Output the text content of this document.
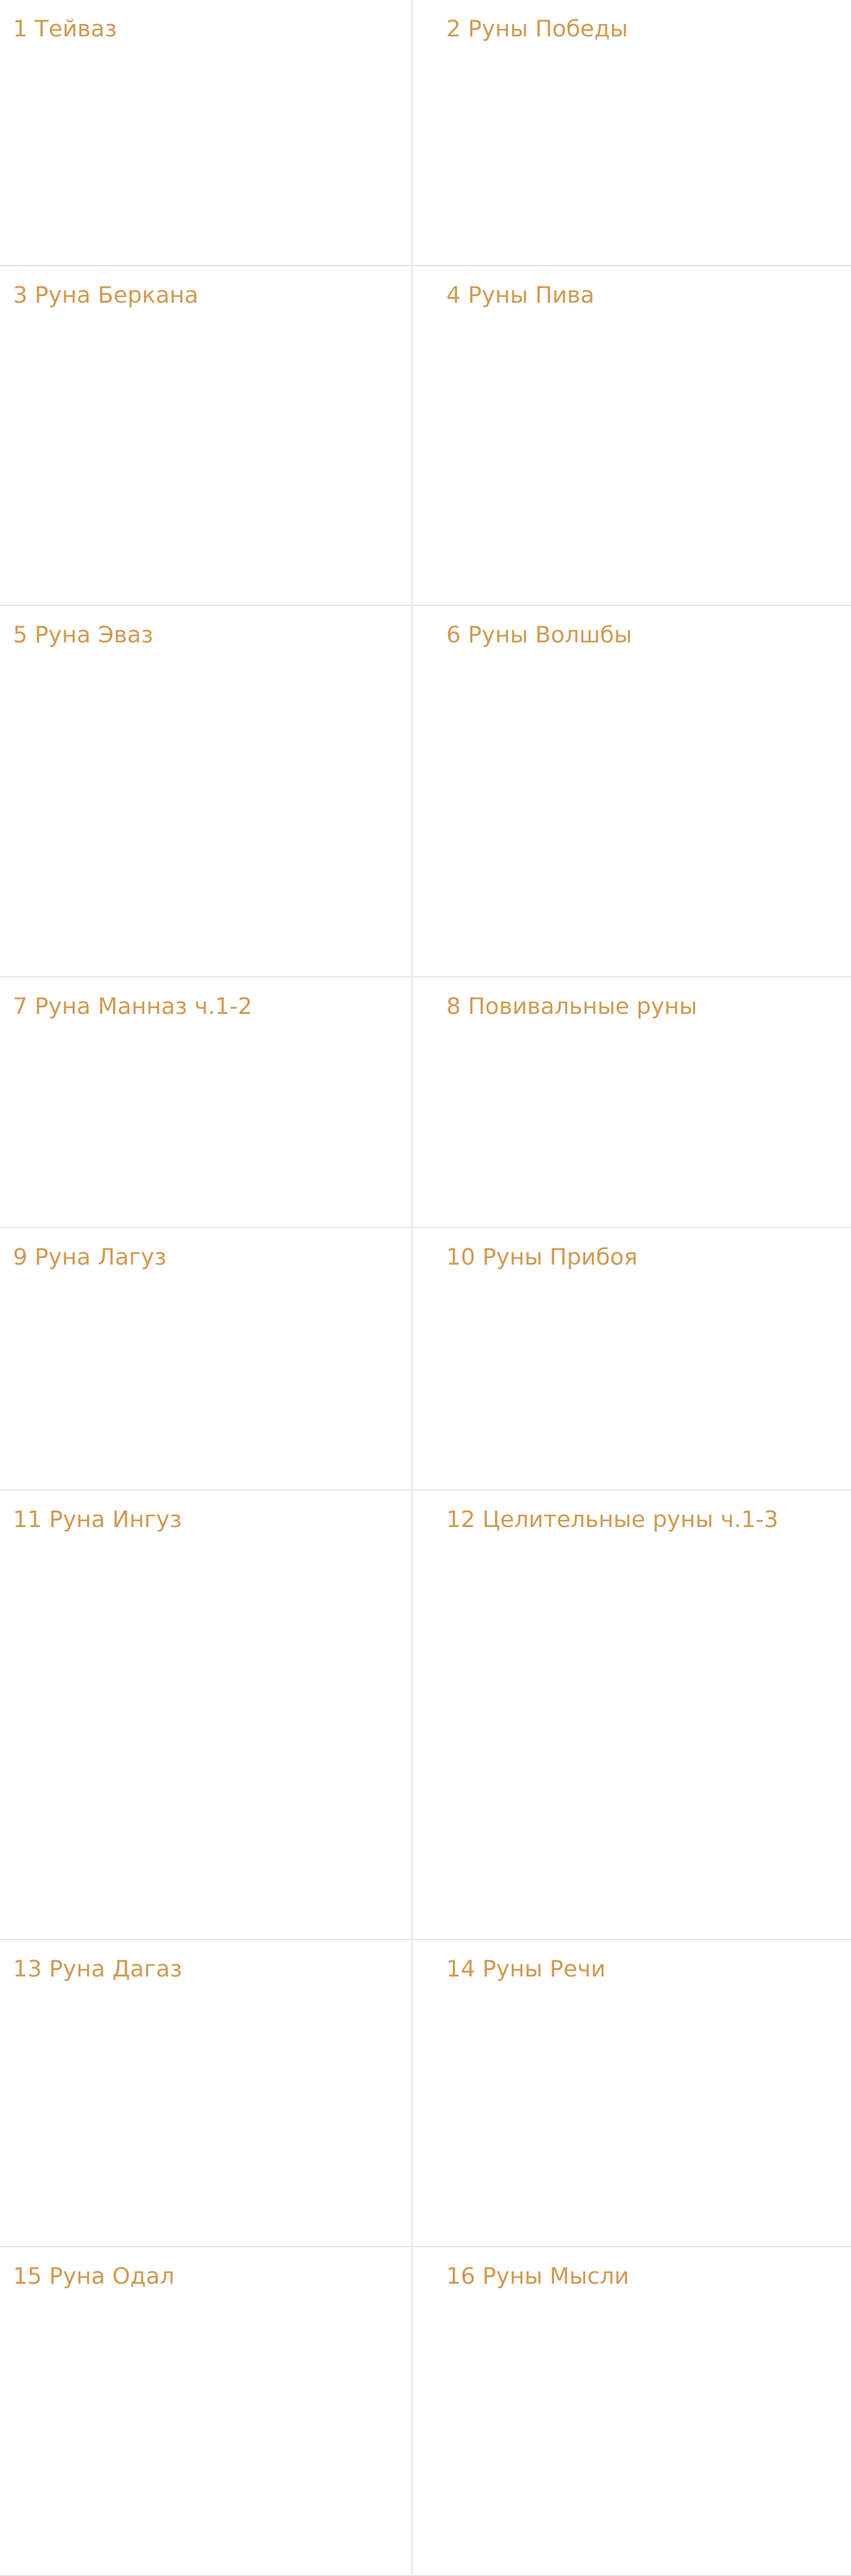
1 Тейваз	2 Руны Победы
3 Руна Беркана	4 Руны Пива
5 Руна Эваз	6 Руны Волшбы
7 Руна Манназ ч.1-2	8 Повивальные руны
9 Руна Лагуз	10 Руны Прибоя
11 Руна Ингуз	12 Целительные руны ч.1-3
13 Руна Дагаз	14 Руны Речи
15 Руна Одал	16 Руны Мысли
